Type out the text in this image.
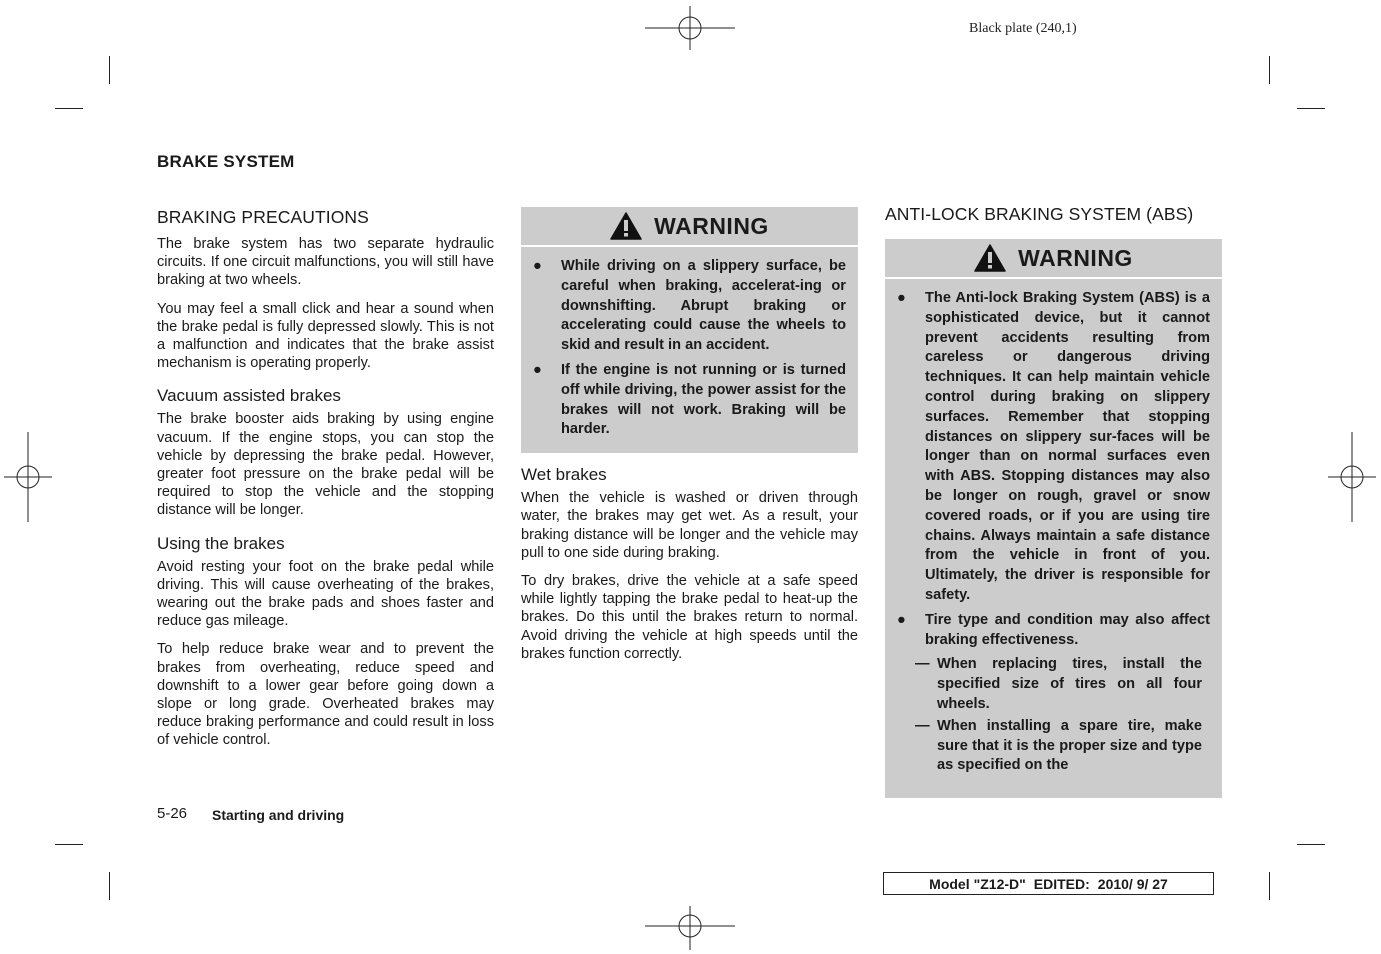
Black plate (240,1)
BRAKE SYSTEM
BRAKING PRECAUTIONS

The brake system has two separate hydraulic circuits. If one circuit malfunctions, you will still have braking at two wheels.

You may feel a small click and hear a sound when the brake pedal is fully depressed slowly. This is not a malfunction and indicates that the brake assist mechanism is operating properly.

Vacuum assisted brakes

The brake booster aids braking by using engine vacuum. If the engine stops, you can stop the vehicle by depressing the brake pedal. However, greater foot pressure on the brake pedal will be required to stop the vehicle and the stopping distance will be longer.

Using the brakes

Avoid resting your foot on the brake pedal while driving. This will cause overheating of the brakes, wearing out the brake pads and shoes faster and reduce gas mileage.

To help reduce brake wear and to prevent the brakes from overheating, reduce speed and downshift to a lower gear before going down a slope or long grade. Overheated brakes may reduce braking performance and could result in loss of vehicle control.

WARNING
●	While driving on a slippery surface, be careful when braking, accelerat-ing or downshifting. Abrupt braking or accelerating could cause the wheels to skid and result in an accident.
●	If the engine is not running or is turned off while driving, the power assist for the brakes will not work. Braking will be harder.
Wet brakes

When the vehicle is washed or driven through water, the brakes may get wet. As a result, your braking distance will be longer and the vehicle may pull to one side during braking.

To dry brakes, drive the vehicle at a safe speed while lightly tapping the brake pedal to heat-up the brakes. Do this until the brakes return to normal. Avoid driving the vehicle at high speeds until the brakes function correctly.

ANTI-LOCK BRAKING SYSTEM (ABS)
WARNING
●	The Anti-lock Braking System (ABS) is a sophisticated device, but it cannot prevent accidents resulting from careless or dangerous driving techniques. It can help maintain vehicle control during braking on slippery surfaces. Remember that stopping distances on slippery sur-faces will be longer than on normal surfaces even with ABS. Stopping distances may also be longer on rough, gravel or snow covered roads, or if you are using tire chains. Always maintain a safe distance from the vehicle in front of you. Ultimately, the driver is responsible for safety.
●	Tire type and condition may also affect braking effectiveness.
— When replacing tires, install the specified size of tires on all four wheels.
— When installing a spare tire, make sure that it is the proper size and type as specified on the
5-26 Starting and driving
Model "Z12-D" EDITED: 2010/ 9/ 27
